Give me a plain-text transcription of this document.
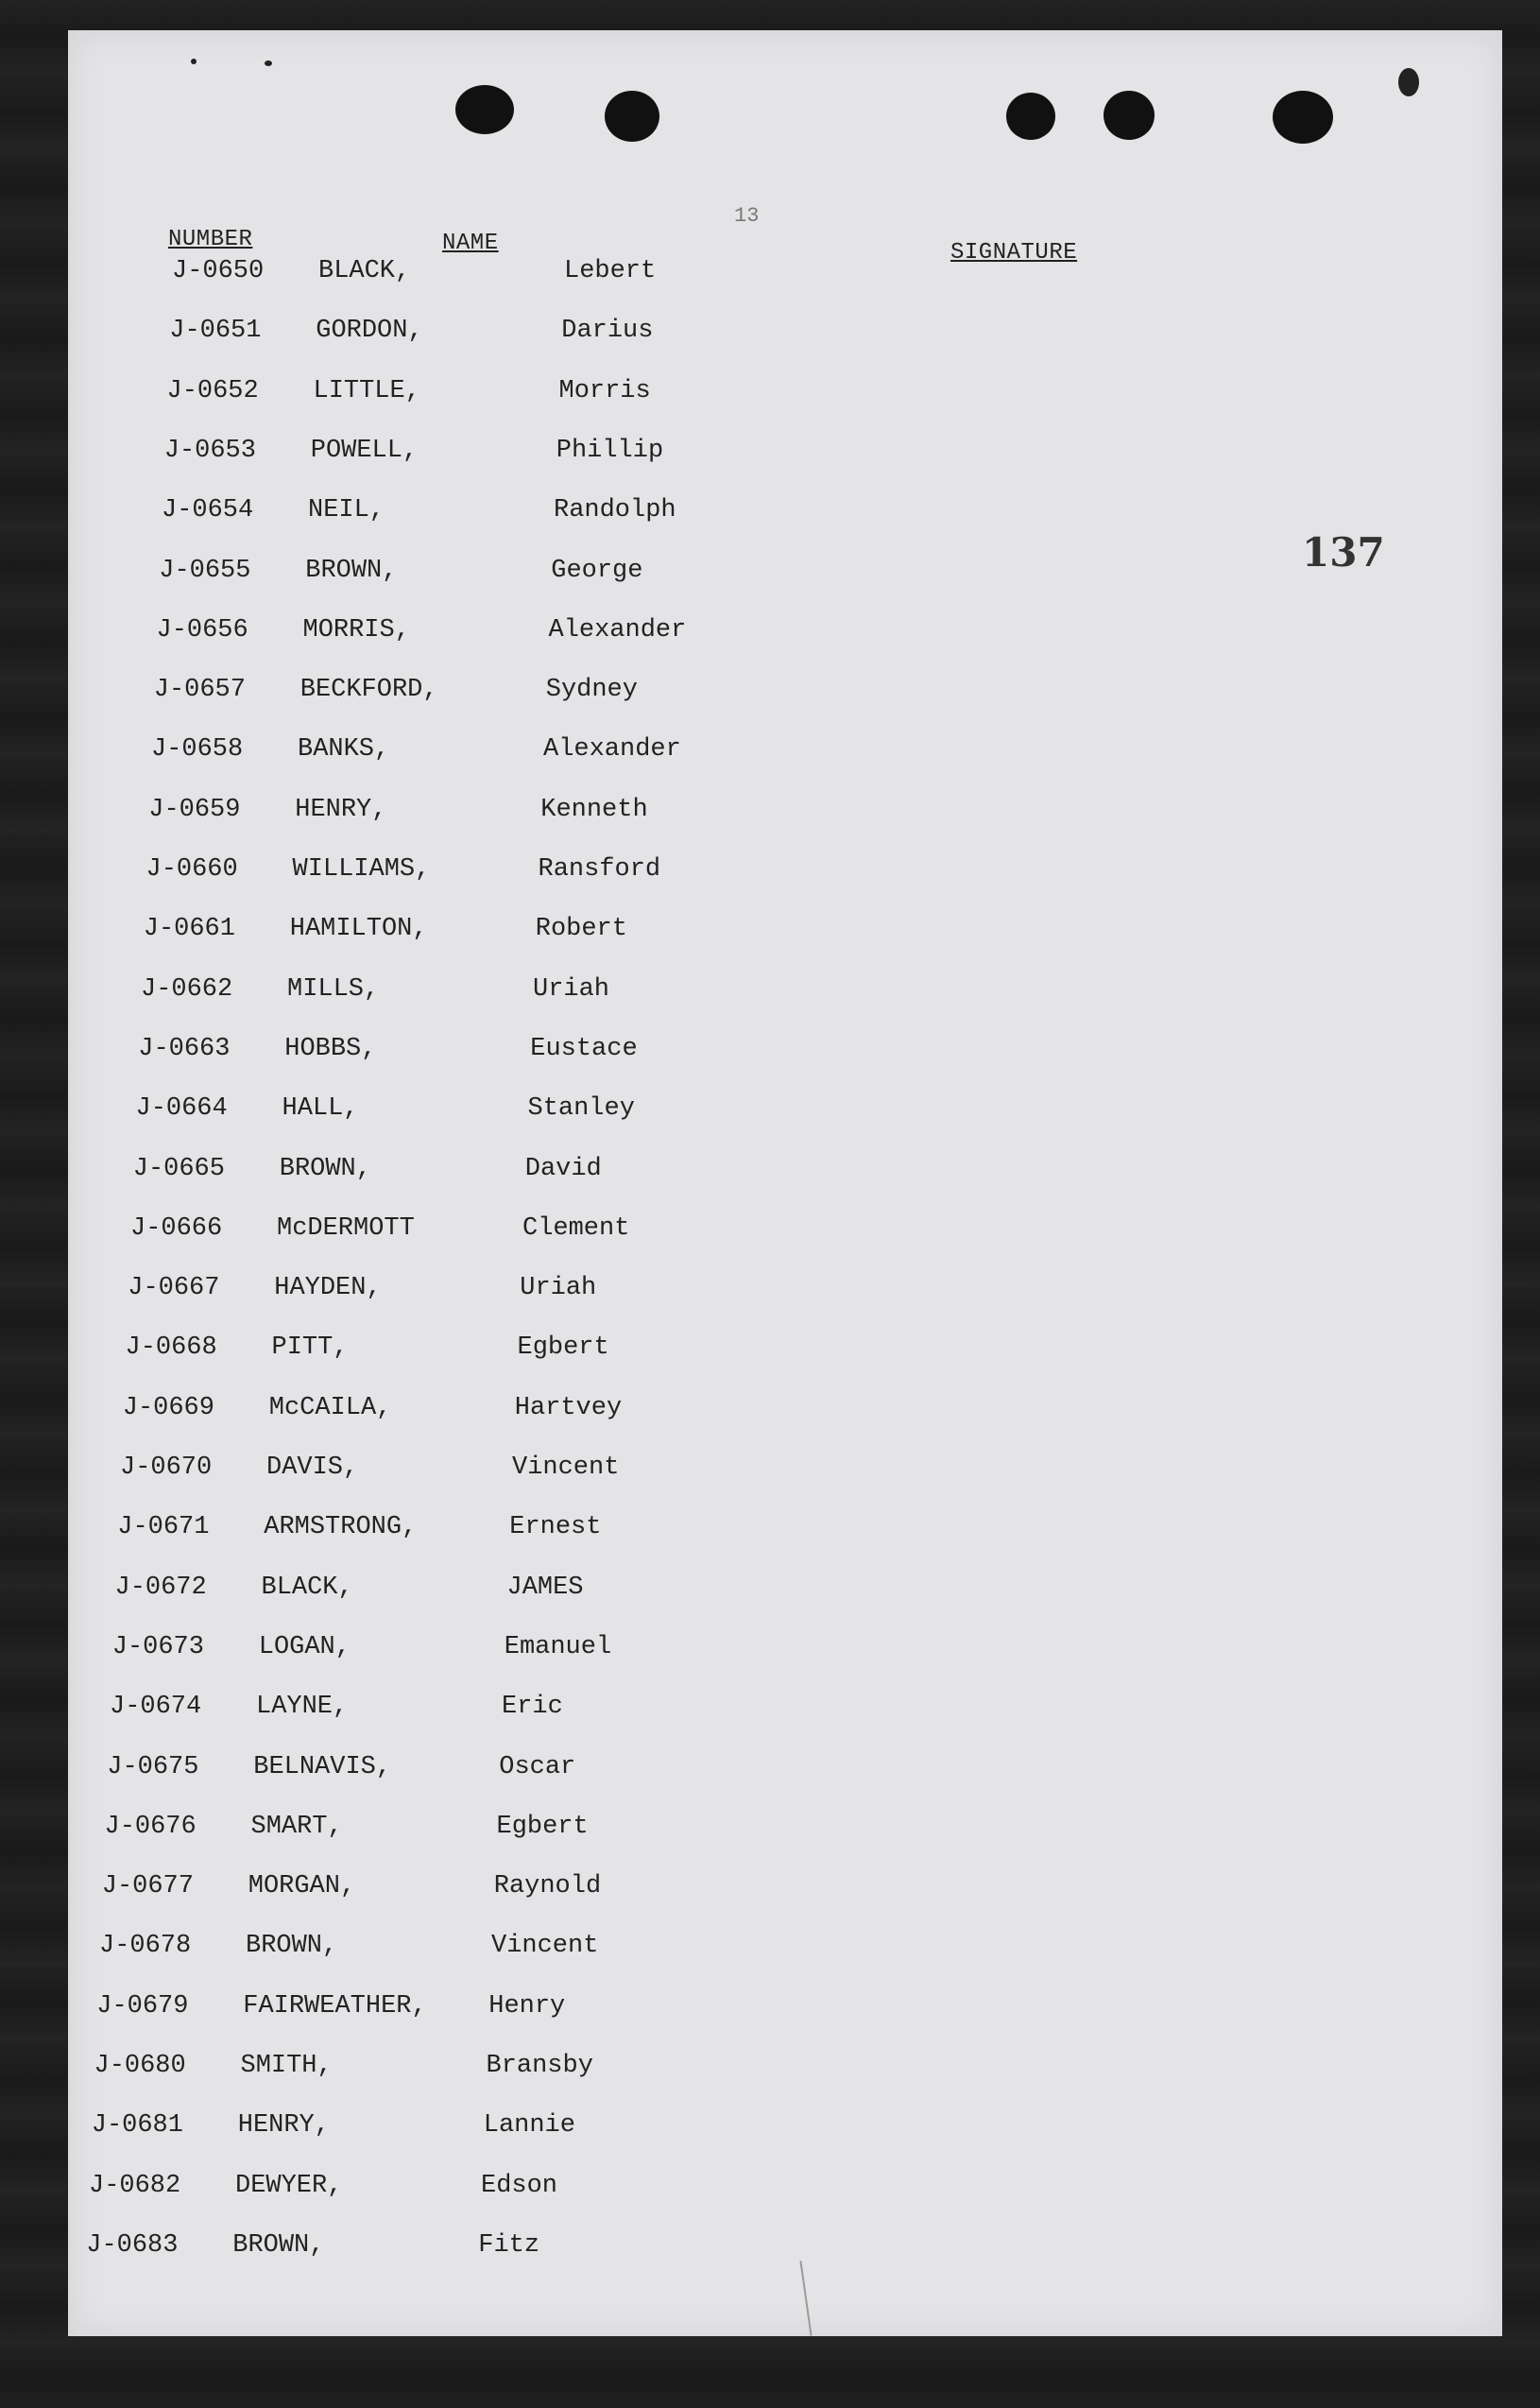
NUMBER	NAME
13
SIGNATURE
137
J-0650 BLACK,	Lebert
J-0651 GORDON,	Darius
J-0652 LITTLE,	Morris
J-0653 POWELL,	Phillip
J-0654 NEIL,	Randolph
J-0655 BROWN,	George
J-0656 MORRIS,	Alexander
J-0657 BECKFORD,	Sydney
J-0658 BANKS,	Alexander
J-0659 HENRY,	Kenneth
J-0660 WILLIAMS,	Ransford
J-0661 HAMILTON,	Robert
J-0662 MILLS,	Uriah
J-0663 HOBBS,	Eustace
J-0664 HALL,	Stanley
J-0665 BROWN,	David
J-0666 McDERMOTT	Clement
J-0667 HAYDEN,	Uriah
J-0668 PITT,	Egbert
J-0669 McCAILA,	Hartvey
J-0670 DAVIS,	Vincent
J-0671 ARMSTRONG,	Ernest
J-0672 BLACK,	JAMES
J-0673 LOGAN,	Emanuel
J-0674 LAYNE,	Eric
J-0675 BELNAVIS,	Oscar
J-0676 SMART,	Egbert
J-0677 MORGAN,	Raynold
J-0678 BROWN,	Vincent
J-0679 FAIRWEATHER, Henry
J-0680 SMITH,	Bransby
J-0681 HENRY,	Lannie
J-0682 DEWYER,	Edson
J-0683 BROWN,	Fitz
